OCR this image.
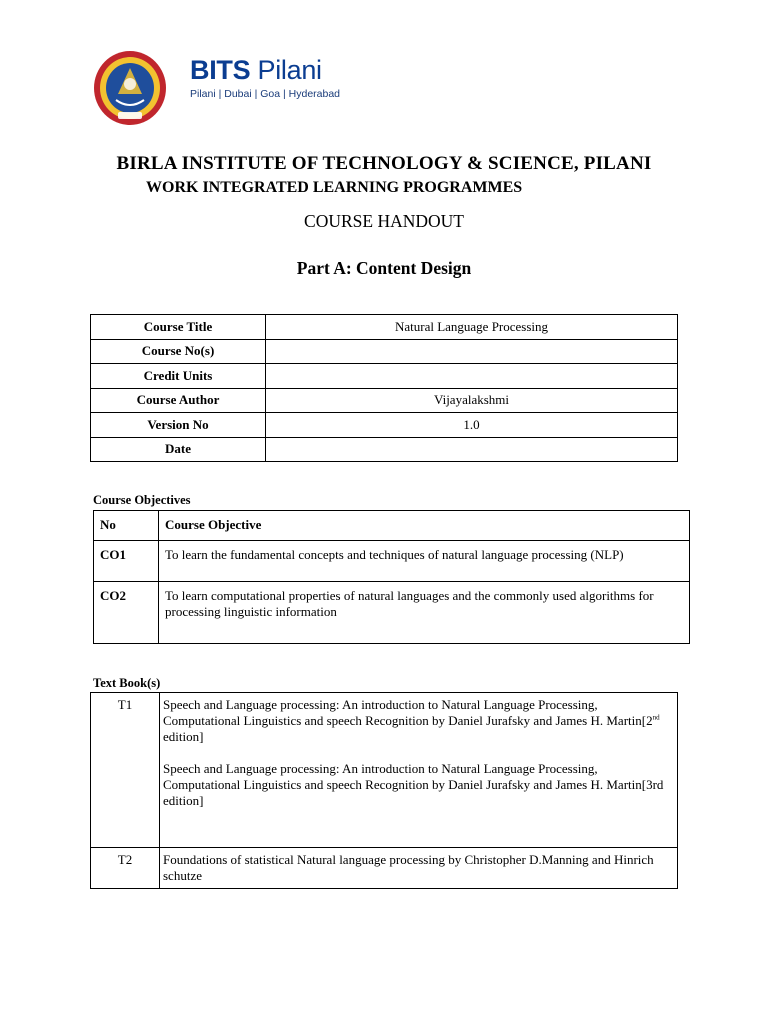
BITS Pilani
Pilani | Dubai | Goa | Hyderabad
BIRLA INSTITUTE OF TECHNOLOGY & SCIENCE, PILANI
WORK INTEGRATED LEARNING PROGRAMMES
COURSE HANDOUT
Part A: Content Design
Course Title	Natural Language Processing
Course No(s)	
Credit Units	
Course Author	Vijayalakshmi
Version No	1.0
Date	
Course Objectives
No	Course Objective
CO1	To learn the fundamental concepts and techniques of natural language processing (NLP)
CO2	To learn computational properties of natural languages and the commonly used algorithms for processing linguistic information
Text Book(s)
T1	Speech and Language processing: An introduction to Natural Language Processing, Computational Linguistics and speech Recognition by Daniel Jurafsky and James H. Martin[2nd edition]
Speech and Language processing: An introduction to Natural Language Processing, Computational Linguistics and speech Recognition by Daniel Jurafsky and James H. Martin[3rd edition]

T2	Foundations of statistical Natural language processing by Christopher D.Manning and Hinrich schutze
